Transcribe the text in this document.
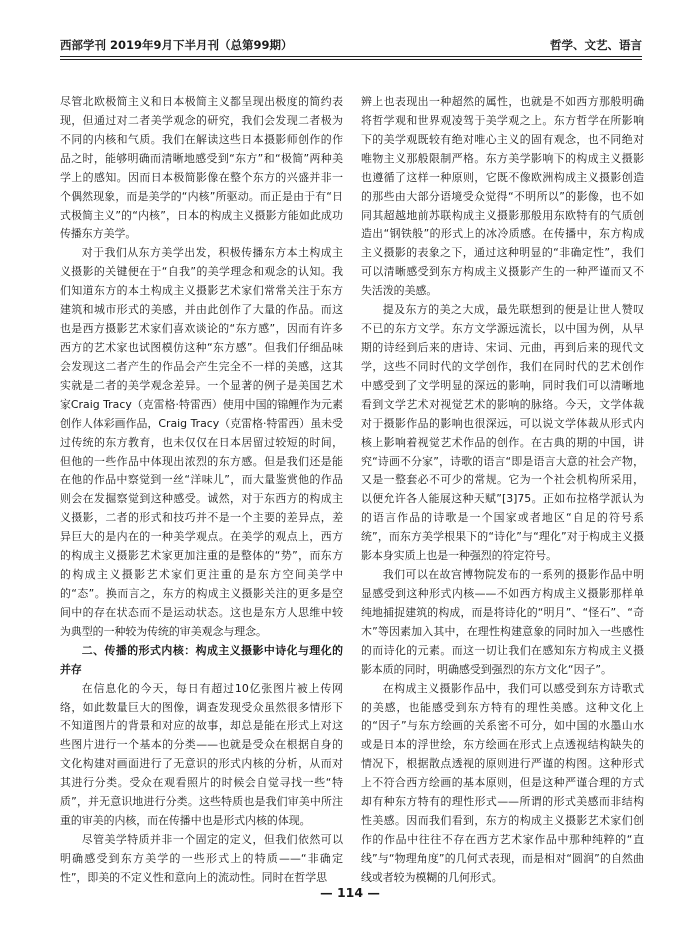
西部学刊 2019年9月下半月刊（总第99期）	哲学、文艺、语言

尽管北欧极简主义和日本极简主义都呈现出极度的简约表现，但通过对二者美学观念的研究，我们会发现二者极为不同的内核和气质。我们在解读这些日本摄影师创作的作品之时，能够明确而清晰地感受到“东方”和“极简”两种美学上的感知。因而日本极简影像在整个东方的兴盛并非一个偶然现象，而是美学的“内核”所驱动。而正是由于有“日式极简主义”的“内核”，日本的构成主义摄影方能如此成功传播东方美学。

对于我们从东方美学出发，积极传播东方本土构成主义摄影的关键便在于“自我”的美学理念和观念的认知。我们知道东方的本土构成主义摄影艺术家们常常关注于东方建筑和城市形式的美感，并由此创作了大量的作品。而这也是西方摄影艺术家们喜欢谈论的“东方感”，因而有许多西方的艺术家也试图模仿这种“东方感”。但我们仔细品味会发现这二者产生的作品会产生完全不一样的美感，这其实就是二者的美学观念差异。一个显著的例子是美国艺术家Craig Tracy（克雷格·特雷西）使用中国的锦鲤作为元素创作人体彩画作品，Craig Tracy（克雷格·特雷西）虽未受过传统的东方教育，也未仅仅在日本居留过较短的时间，但他的一些作品中体现出浓烈的东方感。但是我们还是能在他的作品中察觉到一丝“洋味儿”，而大量鉴赏他的作品则会在发掘察觉到这种感受。诚然，对于东西方的构成主义摄影，二者的形式和技巧并不是一个主要的差异点，差异巨大的是内在的一种美学观点。在美学的观点上，西方的构成主义摄影艺术家更加注重的是整体的“势”，而东方的构成主义摄影艺术家们更注重的是东方空间美学中的“态”。换而言之，东方的构成主义摄影关注的更多是空间中的存在状态而不是运动状态。这也是东方人思维中较为典型的一种较为传统的审美观念与理念。

二、传播的形式内核：构成主义摄影中诗化与理化的并存

在信息化的今天，每日有超过10亿张图片被上传网络，如此数量巨大的图像，调查发现受众虽然很多情形下不知道图片的背景和对应的故事，却总是能在形式上对这些图片进行一个基本的分类——也就是受众在根据自身的文化构建对画面进行了无意识的形式内核的分析，从而对其进行分类。受众在观看照片的时候会自觉寻找一些“特质”，并无意识地进行分类。这些特质也是我们审美中所注重的审美的内核，而在传播中也是形式内核的体现。

尽管美学特质并非一个固定的定义，但我们依然可以明确感受到东方美学的一些形式上的特质——“非确定性”，即美的不定义性和意向上的流动性。同时在哲学思

辨上也表现出一种超然的属性，也就是不如西方那般明确将哲学观和世界观凌驾于美学观之上。东方哲学在所影响下的美学观既较有绝对唯心主义的固有观念，也不同绝对唯物主义那般限制严格。东方美学影响下的构成主义摄影也遵循了这样一种原则，它既不像欧洲构成主义摄影创造的那些由大部分语境受众觉得“不明所以”的影像，也不如同其超越地前苏联构成主义摄影那般用东欧特有的气质创造出“钢铁般”的形式上的冰冷质感。在传播中，东方构成主义摄影的表象之下，通过这种明显的“非确定性”，我们可以清晰感受到东方构成主义摄影产生的一种严谨而又不失活泼的美感。

提及东方的美之大成，最先联想到的便是让世人赞叹不已的东方文学。东方文学源远流长，以中国为例，从早期的诗经到后来的唐诗、宋词、元曲，再到后来的现代文学，这些不同时代的文学创作，我们在同时代的艺术创作中感受到了文学明显的深远的影响，同时我们可以清晰地看到文学艺术对视觉艺术的影响的脉络。今天，文学体裁对于摄影作品的影响也很深远，可以说文学体裁从形式内核上影响着视觉艺术作品的创作。在古典的期的中国，讲究“诗画不分家”，诗歌的语言“即是语言大意的社会产物，又是一整套必不可少的常规。它为一个社会机构所采用，以便允许各人能展这种天赋”[3]75。正如布拉格学派认为的语言作品的诗歌是一个国家或者地区“自足的符号系统”，而东方美学根果下的“诗化”与“理化”对于构成主义摄影本身实质上也是一种强烈的符定符号。

我们可以在故宫博物院发布的一系列的摄影作品中明显感受到这种形式内核——不如西方构成主义摄影那样单纯地捕捉建筑的构成，而是将诗化的“明月”、“怪石”、“奇木”等因素加入其中，在理性构建意象的同时加入一些感性的而诗化的元素。而这一切让我们在感知东方构成主义摄影本质的同时，明确感受到强烈的东方文化“因子”。

在构成主义摄影作品中，我们可以感受到东方诗歌式的美感，也能感受到东方特有的理性美感。这种文化上的“因子”与东方绘画的关系密不可分，如中国的水墨山水或是日本的浮世绘，东方绘画在形式上点透视结构缺失的情况下，根据散点透视的原则进行严谨的构图。这种形式上不符合西方绘画的基本原则，但是这种严谨合理的方式却有种东方特有的理性形式——所谓的形式美感而非结构性美感。因而我们看到，东方的构成主义摄影艺术家们创作的作品中往往不存在西方艺术家作品中那种纯粹的“直线”与“物理角度”的几何式表现，而是相对“圆润”的自然曲线或者较为模糊的几何形式。

— 114 —
